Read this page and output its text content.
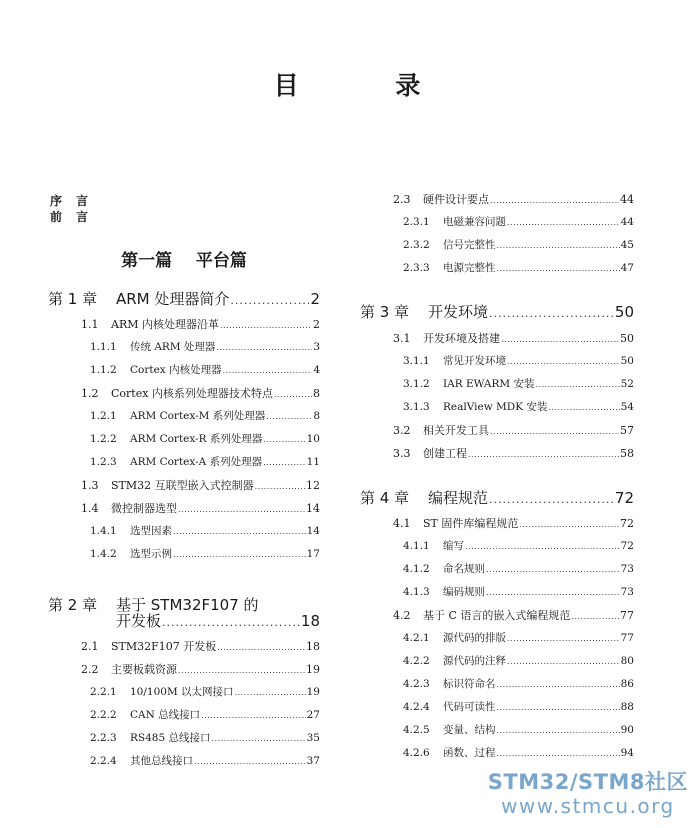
目 录
序言
前言
第一篇    平台篇
第 1 章	ARM 处理器简介 .....	2
1.1	ARM 内核处理器沿革 .....	2
1.1.1	传统 ARM 处理器 .....	3
1.1.2	Cortex 内核处理器 .....	4
1.2	Cortex 内核系列处理器技术特点 .....	8
1.2.1	ARM Cortex-M 系列处理器 .....	8
1.2.2	ARM Cortex-R 系列处理器 .....	10
1.2.3	ARM Cortex-A 系列处理器 .....	11
1.3	STM32 互联型嵌入式控制器 .....	12
1.4	微控制器选型 .....	14
1.4.1	选型因素 .....	14
1.4.2	选型示例 .....	17
第 2 章 基于 STM32F107 的
开发板 .....	18
2.1	STM32F107 开发板 .....	18
2.2	主要板载资源 .....	19
2.2.1	10/100M 以太网接口 .....	19
2.2.2	CAN 总线接口 .....	27
2.2.3	RS485 总线接口 .....	35
2.2.4	其他总线接口 .....	37
2.3	硬件设计要点 .....	44
2.3.1	电磁兼容问题 .....	44
2.3.2	信号完整性 .....	45
2.3.3	电源完整性 .....	47
第 3 章	开发环境 .....	50
3.1	开发环境及搭建 .....	50
3.1.1	常见开发环境 .....	50
3.1.2	IAR EWARM 安装 .....	52
3.1.3	RealView MDK 安装 .....	54
3.2	相关开发工具 .....	57
3.3	创建工程 .....	58
第 4 章	编程规范 .....	72
4.1	ST 固件库编程规范 .....	72
4.1.1	缩写 .....	72
4.1.2	命名规则 .....	73
4.1.3	编码规则 .....	73
4.2	基于 C 语言的嵌入式编程规范 .....	77
4.2.1	源代码的排版 .....	77
4.2.2	源代码的注释 .....	80
4.2.3	标识符命名 .....	86
4.2.4	代码可读性 .....	88
4.2.5	变量、结构 .....	90
4.2.6	函数、过程 .....	94
STM32/STM8社区
www.stmcu.org
